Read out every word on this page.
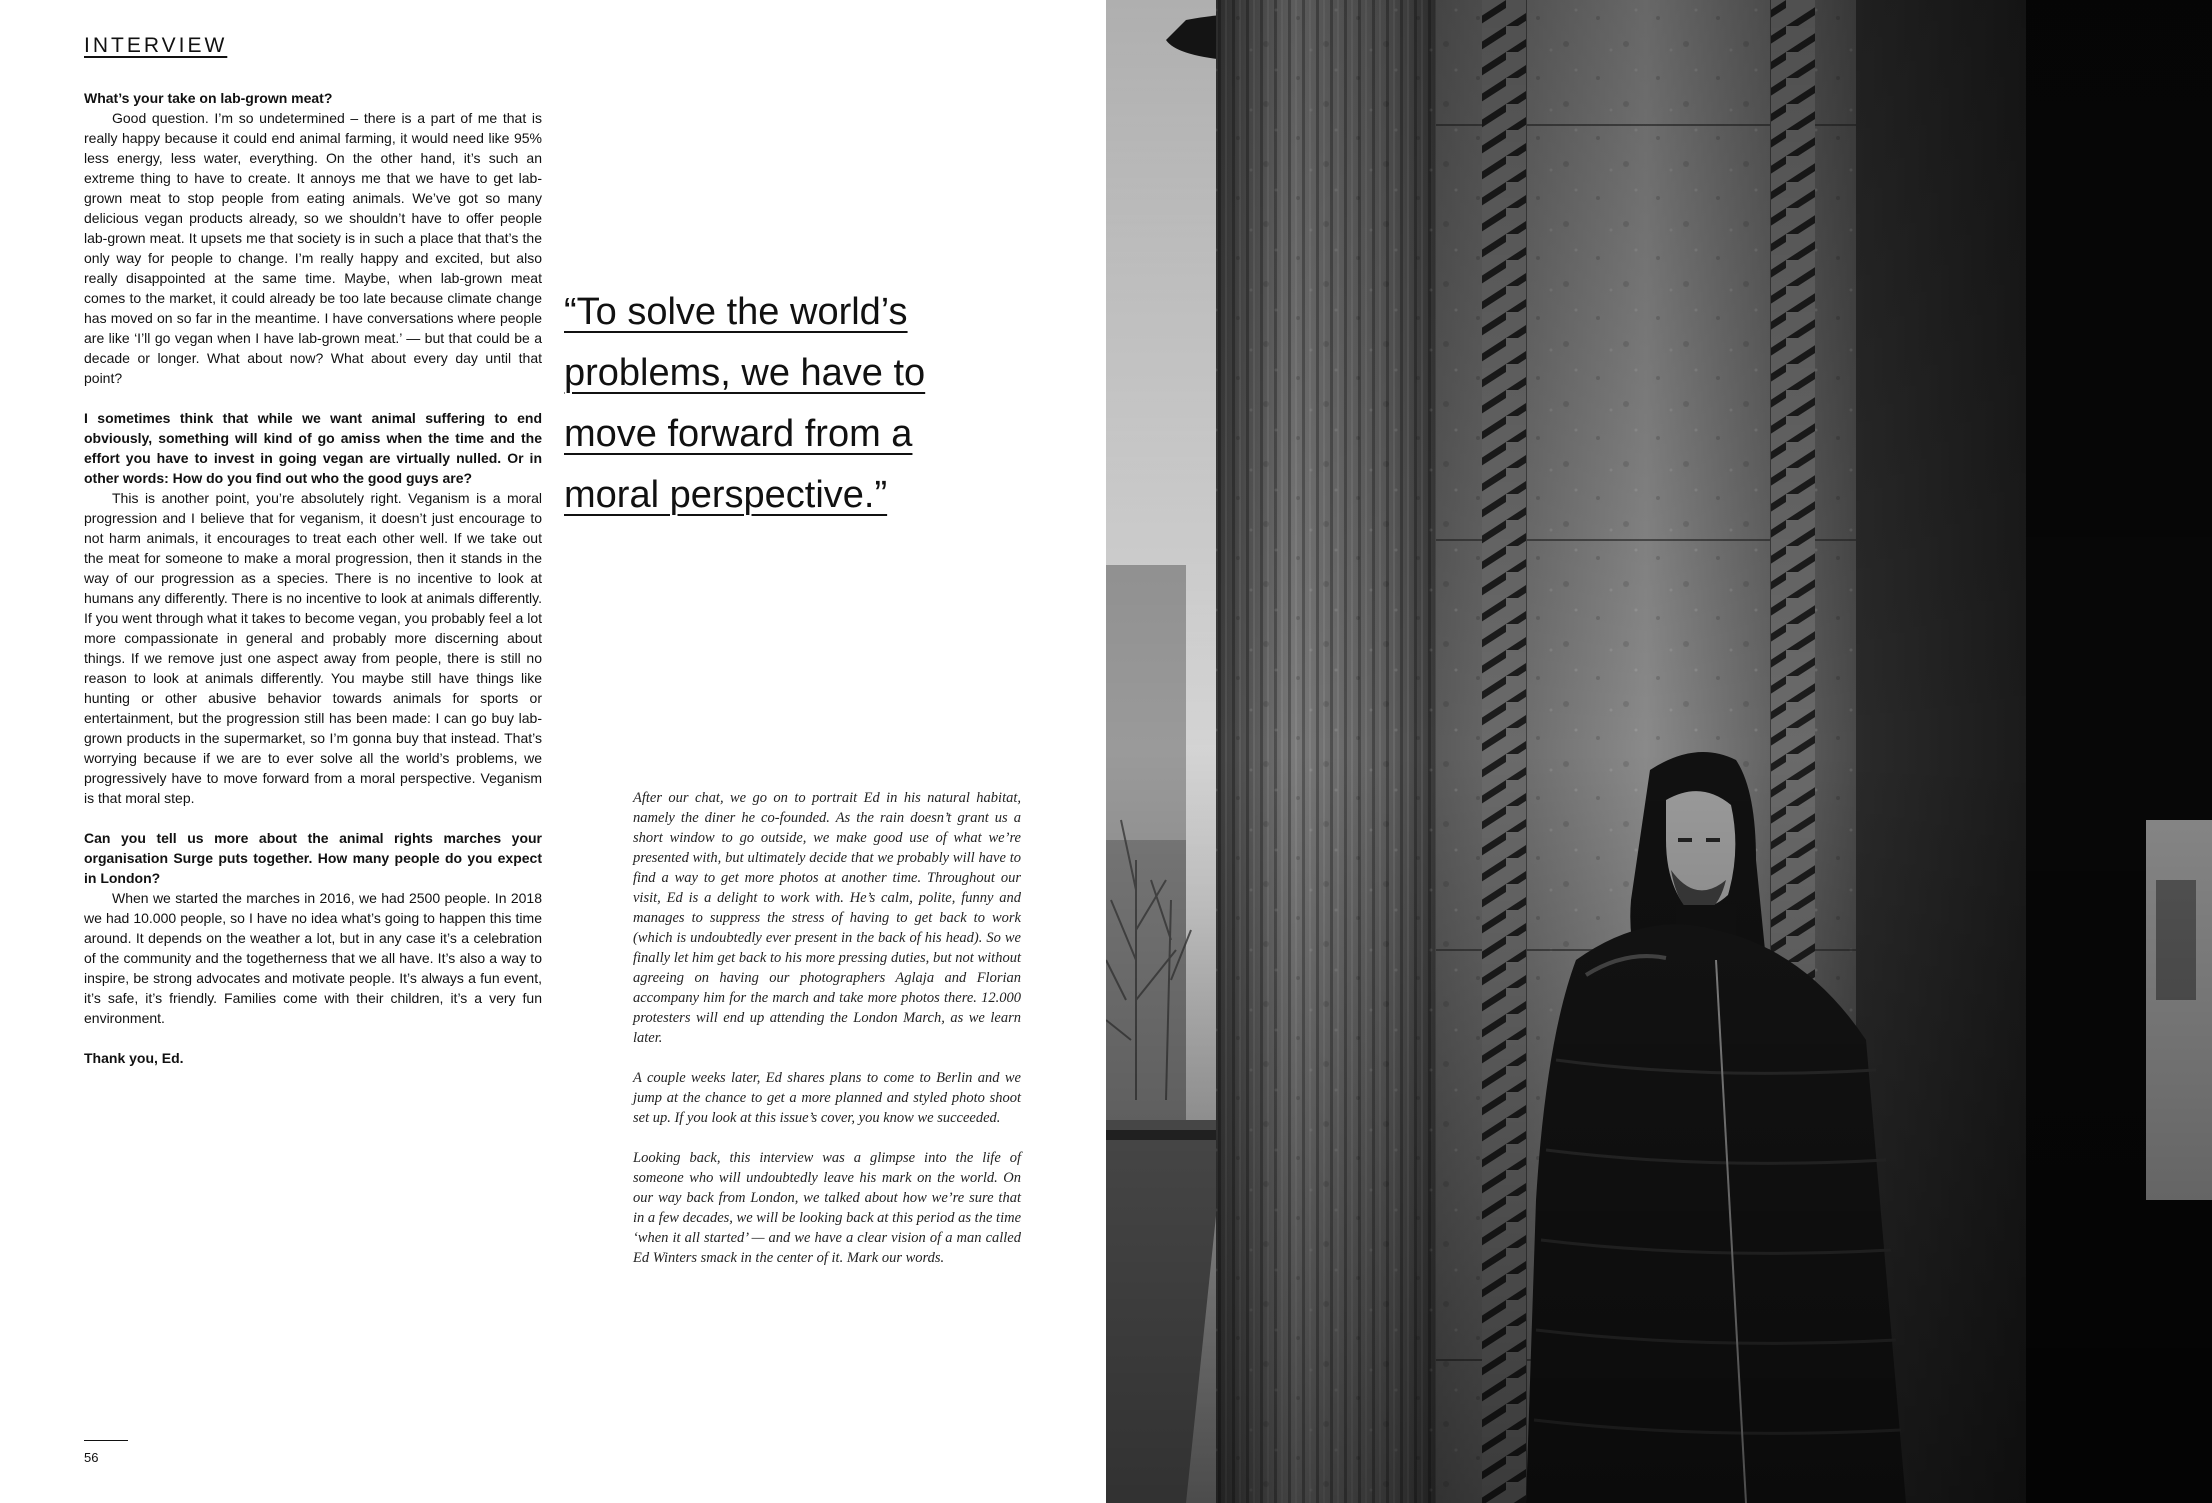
INTERVIEW

What’s your take on lab-grown meat?

Good question. I’m so undetermined – there is a part of me that is really happy because it could end animal farming, it would need like 95% less energy, less water, everything. On the other hand, it’s such an extreme thing to have to create. It annoys me that we have to get lab-grown meat to stop people from eating animals. We’ve got so many delicious vegan products already, so we shouldn’t have to offer people lab-grown meat. It upsets me that society is in such a place that that’s the only way for people to change. I’m really happy and excited, but also really disappointed at the same time. Maybe, when lab-grown meat comes to the market, it could already be too late because climate change has moved on so far in the meantime. I have conversations where people are like ‘I’ll go vegan when I have lab-grown meat.’ — but that could be a decade or longer. What about now? What about every day until that point?

I sometimes think that while we want animal suffering to end obviously, something will kind of go amiss when the time and the effort you have to invest in going vegan are virtually nulled. Or in other words: How do you find out who the good guys are?

This is another point, you’re absolutely right. Veganism is a moral progression and I believe that for veganism, it doesn’t just encourage to not harm animals, it encourages to treat each other well. If we take out the meat for someone to make a moral progression, then it stands in the way of our progression as a species. There is no incentive to look at humans any differently. There is no incentive to look at animals differently. If you went through what it takes to become vegan, you probably feel a lot more compassionate in general and probably more discerning about things. If we remove just one aspect away from people, there is still no reason to look at animals differently. You maybe still have things like hunting or other abusive behavior towards animals for sports or entertainment, but the progression still has been made: I can go buy lab-grown products in the supermarket, so I’m gonna buy that instead. That’s worrying because if we are to ever solve all the world’s problems, we progressively have to move forward from a moral perspective. Veganism is that moral step.

Can you tell us more about the animal rights marches your organisation Surge puts together. How many people do you expect in London?

When we started the marches in 2016, we had 2500 people. In 2018 we had 10.000 people, so I have no idea what’s going to happen this time around. It depends on the weather a lot, but in any case it’s a celebration of the community and the togetherness that we all have. It’s also a way to inspire, be strong advocates and motivate people. It’s always a fun event, it’s safe, it’s friendly. Families come with their children, it’s a very fun environment.

Thank you, Ed.

“To solve the world’s problems, we have to move forward from a moral perspective.”

After our chat, we go on to portrait Ed in his natural habitat, namely the diner he co-founded. As the rain doesn’t grant us a short window to go outside, we make good use of what we’re presented with, but ultimately decide that we probably will have to find a way to get more photos at another time. Throughout our visit, Ed is a delight to work with. He’s calm, polite, funny and manages to suppress the stress of having to get back to work (which is undoubtedly ever present in the back of his head). So we finally let him get back to his more pressing duties, but not without agreeing on having our photographers Aglaja and Florian accompany him for the march and take more photos there. 12.000 protesters will end up attending the London March, as we learn later.

A couple weeks later, Ed shares plans to come to Berlin and we jump at the chance to get a more planned and styled photo shoot set up. If you look at this issue’s cover, you know we succeeded.

Looking back, this interview was a glimpse into the life of someone who will undoubtedly leave his mark on the world. On our way back from London, we talked about how we’re sure that in a few decades, we will be looking back at this period as the time ‘when it all started’ — and we have a clear vision of a man called Ed Winters smack in the center of it. Mark our words.

56
